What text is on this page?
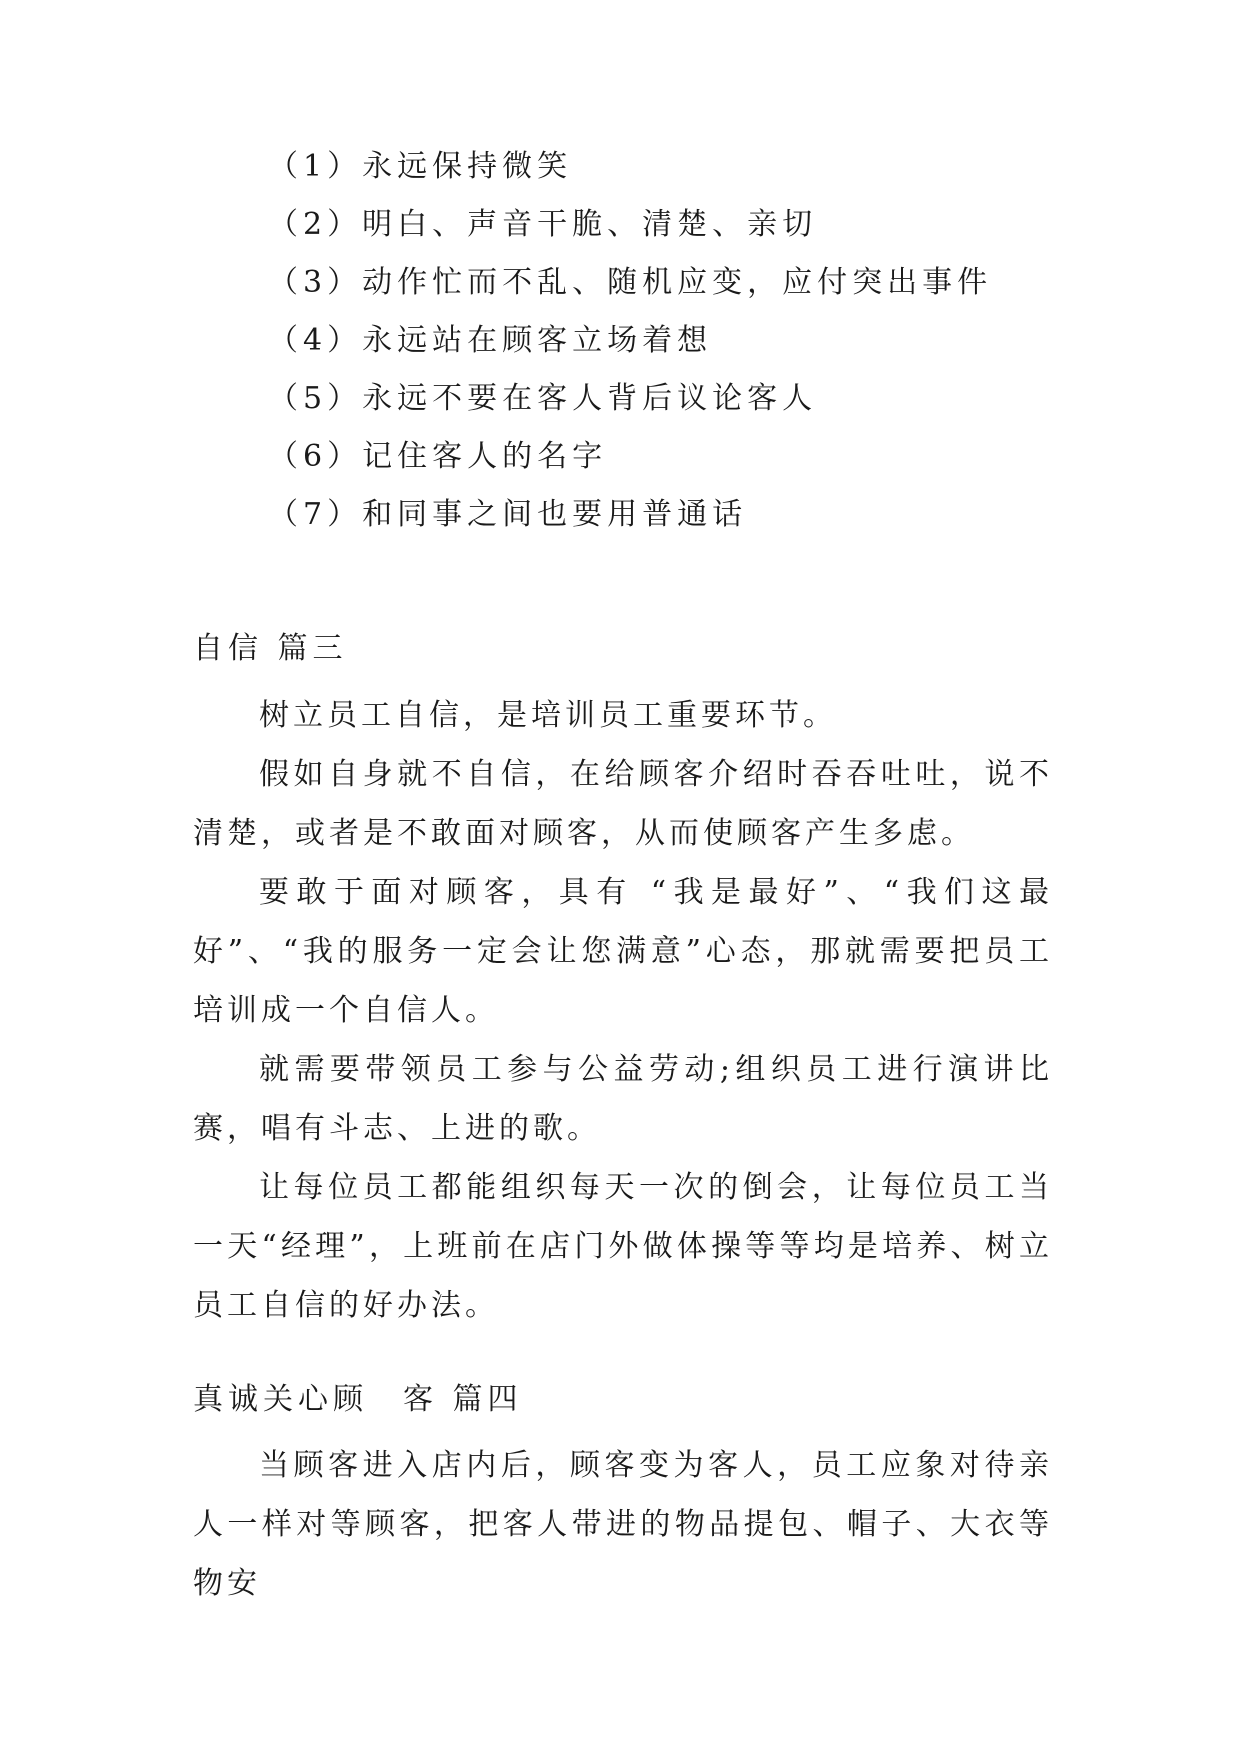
（1）永远保持微笑
（2）明白、声音干脆、清楚、亲切
（3）动作忙而不乱、随机应变，应付突出事件
（4）永远站在顾客立场着想
（5）永远不要在客人背后议论客人
（6）记住客人的名字
（7）和同事之间也要用普通话
自信 篇三
树立员工自信，是培训员工重要环节。
假如自身就不自信，在给顾客介绍时吞吞吐吐，说不清楚，或者是不敢面对顾客，从而使顾客产生多虑。
要敢于面对顾客，具有 “我是最好”、“我们这最好”、“我的服务一定会让您满意”心态，那就需要把员工培训成一个自信人。
就需要带领员工参与公益劳动;组织员工进行演讲比赛，唱有斗志、上进的歌。
让每位员工都能组织每天一次的倒会，让每位员工当一天“经理”，上班前在店门外做体操等等均是培养、树立员工自信的好办法。
真诚关心顾　客 篇四
当顾客进入店内后，顾客变为客人，员工应象对待亲人一样对等顾客，把客人带进的物品提包、帽子、大衣等物安
